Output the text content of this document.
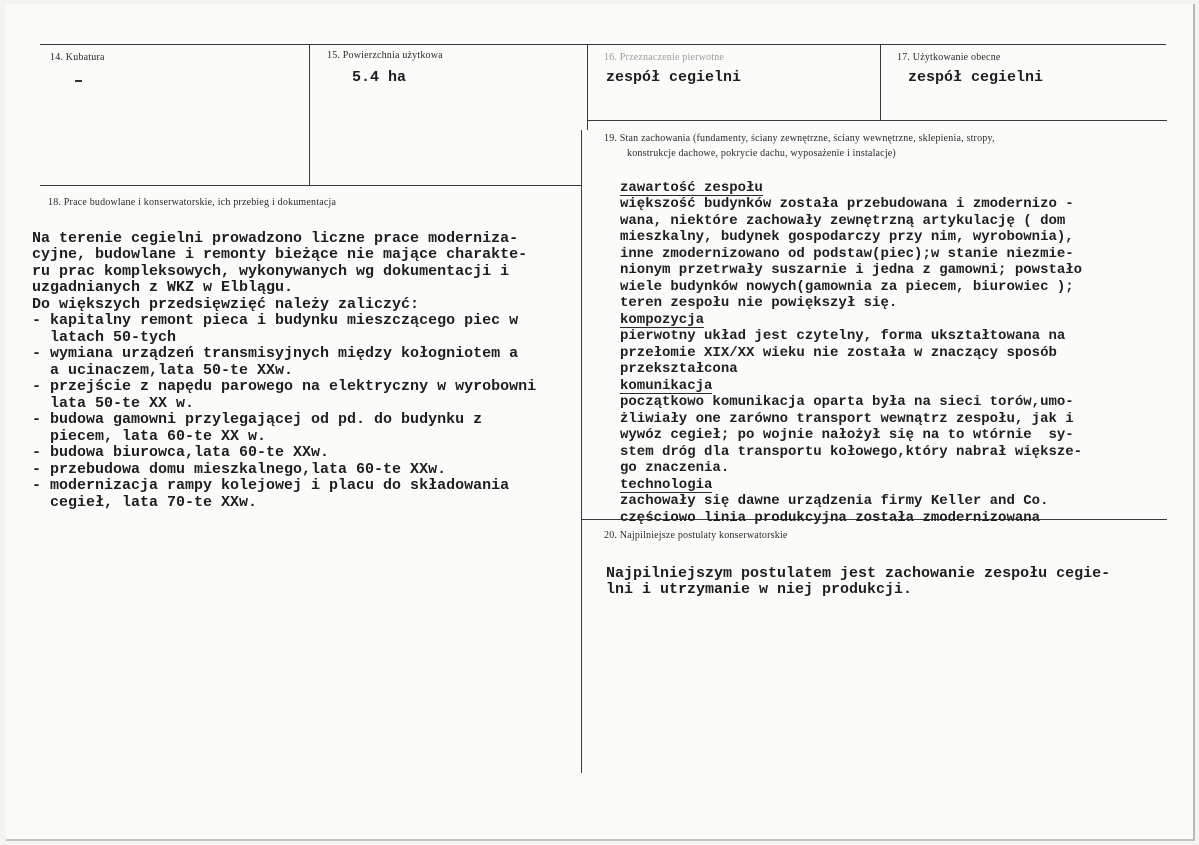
14. Kubatura	15. Powierzchnia użytkowa
5.4 ha
16. Przeznaczenie pierwotne
zespół cegielni
17. Użytkowanie obecne
zespół cegielni
18. Prace budowlane i konserwatorskie, ich przebieg i dokumentacja

Na terenie cegielni prowadzono liczne prace moderniza-
cyjne, budowlane i remonty bieżące nie mające charakte-
ru prac kompleksowych, wykonywanych wg dokumentacji i
uzgadnianych z WKZ w Elblągu.
Do większych przedsięwzięć należy zaliczyć:
- kapitalny remont pieca i budynku mieszczącego piec w
latach 50-tych
- wymiana urządzeń transmisyjnych między kołogniotem a
a ucinaczem,lata 50-te XXw.
- przejście z napędu parowego na elektryczny w wyrobowni
lata 50-te XX w.
- budowa gamowni przylegającej od pd. do budynku z
piecem, lata 60-te XX w.
- budowa biurowca,lata 60-te XXw.
- przebudowa domu mieszkalnego,lata 60-te XXw.
- modernizacja rampy kolejowej i placu do składowania
cegieł, lata 70-te XXw.

19. Stan zachowania (fundamenty, ściany zewnętrzne, ściany wewnętrzne, sklepienia, stropy,
konstrukcje dachowe, pokrycie dachu, wyposażenie i instalacje)

zawartość zespołu
większość budynków została przebudowana i zmodernizo -
wana, niektóre zachowały zewnętrzną artykulację ( dom
mieszkalny, budynek gospodarczy przy nim, wyrobownia),
inne zmodernizowano od podstaw(piec);w stanie niezmie-
nionym przetrwały suszarnie i jedna z gamowni; powstało
wiele budynków nowych(gamownia za piecem, biurowiec );
teren zespołu nie powiększył się.
kompozycja
pierwotny układ jest czytelny, forma ukształtowana na
przełomie XIX/XX wieku nie została w znaczący sposób
przekształcona
komunikacja
początkowo komunikacja oparta była na sieci torów,umo-
żliwiały one zarówno transport wewnątrz zespołu, jak i
wywóz cegieł; po wojnie nałożył się na to wtórnie  sy-
stem dróg dla transportu kołowego,który nabrał większe-
go znaczenia.
technologia
zachowały się dawne urządzenia firmy Keller and Co.
częściowo linia produkcyjna została zmodernizowana

20. Najpilniejsze postulaty konserwatorskie

Najpilniejszym postulatem jest zachowanie zespołu cegie-
lni i utrzymanie w niej produkcji.
